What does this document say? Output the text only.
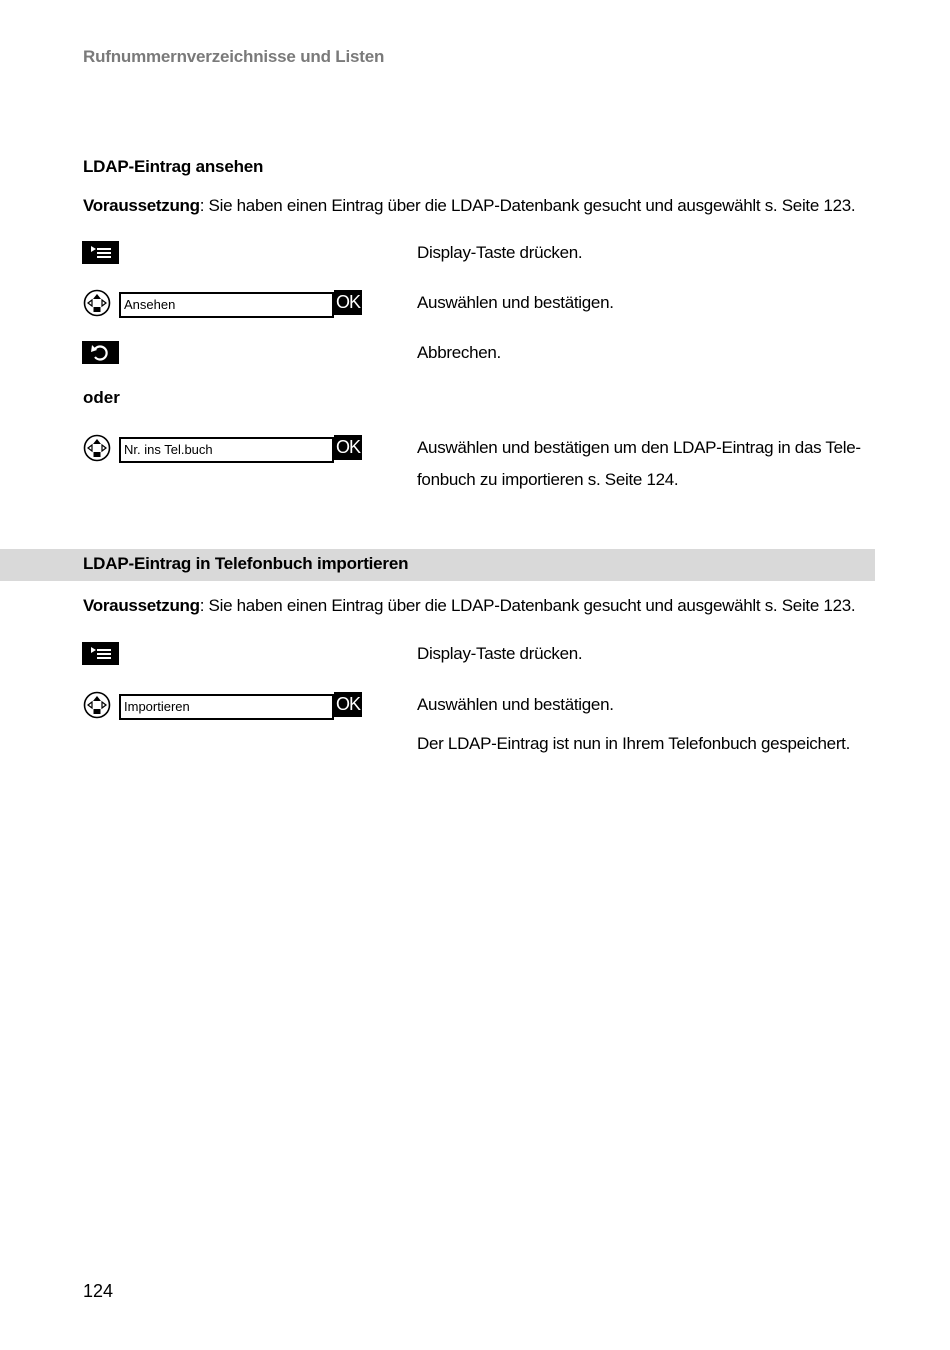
Rufnummernverzeichnisse und Listen
LDAP-Eintrag ansehen
Voraussetzung: Sie haben einen Eintrag über die LDAP-Datenbank gesucht und ausgewählt s. Seite 123.
Display-Taste drücken.
Ansehen	OK	Auswählen und bestätigen.
Abbrechen.
oder
Nr. ins Tel.buch	OK	Auswählen und bestätigen um den LDAP-Eintrag in das Tele-
fonbuch zu importieren s. Seite 124.
LDAP-Eintrag in Telefonbuch importieren
Voraussetzung: Sie haben einen Eintrag über die LDAP-Datenbank gesucht und ausgewählt s. Seite 123.
Display-Taste drücken.
Importieren	OK	Auswählen und bestätigen.
Der LDAP-Eintrag ist nun in Ihrem Telefonbuch gespeichert.
124
